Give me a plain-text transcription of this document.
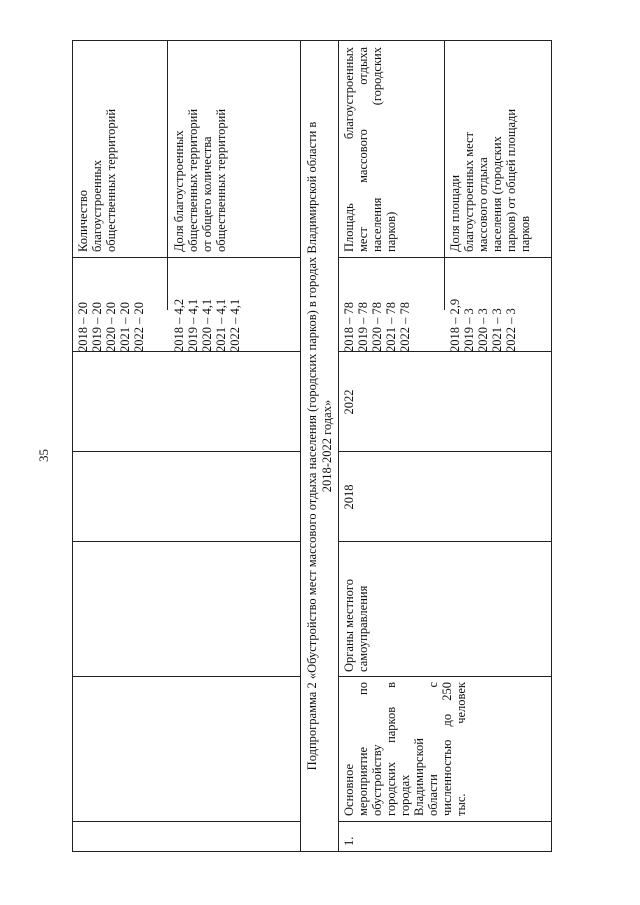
35
2018 – 20 2019 – 20 2020 – 20 2021 – 20 2022 – 20
Количество благоустроенных общественных территорий
2018 – 4,2 2019 – 4,1 2020 – 4,1 2021 – 4,1 2022 – 4,1
Доля благоустроенных общественных территорий от общего количества общественных территорий	Подпрограмма 2 «Обустройство мест массового отдыха населения (городских парков) в городах Владимирской области в 2018-2022 годах»
1.
Основное мероприятие по обустройству городских парков в городах Владимирской области с численностью до 250 тыс. человек
Органы местного самоуправления
2018
2022
2018 – 78 2019 – 78 2020 – 78 2021 – 78 2022 – 78
Площадь благоустроенных мест массового отдыха населения (городских парков)
2018 – 2,9 2019 – 3 2020 – 3 2021 – 3 2022 – 3
Доля площади благоустроенных мест массового отдыха населения (городских парков) от общей площади парков
